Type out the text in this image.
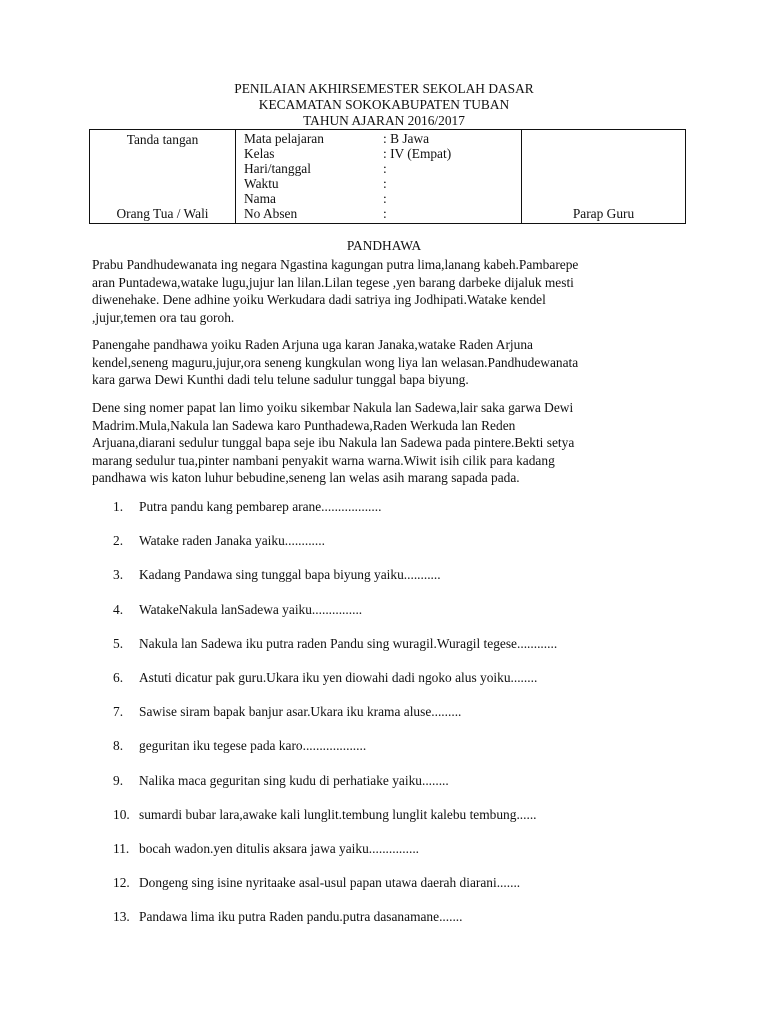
PENILAIAN AKHIRSEMESTER SEKOLAH DASAR
KECAMATAN SOKOKABUPATEN TUBAN
TAHUN AJARAN 2016/2017
Tanda tangan
Orang Tua / Wali

Mata pelajaran	: B Jawa
Kelas	: IV (Empat)
Hari/tanggal	:
Waktu	:
Nama	:
No Absen	:	Parap Guru
PANDHAWA
Prabu Pandhudewanata ing negara Ngastina kagungan putra lima,lanang kabeh.Pambarepe
aran Puntadewa,watake lugu,jujur lan lilan.Lilan tegese ,yen barang darbeke dijaluk mesti
diwenehake. Dene adhine yoiku Werkudara dadi satriya ing Jodhipati.Watake kendel
,jujur,temen ora tau goroh.
Panengahe pandhawa yoiku Raden Arjuna uga karan Janaka,watake Raden Arjuna
kendel,seneng maguru,jujur,ora seneng kungkulan wong liya lan welasan.Pandhudewanata
kara garwa Dewi Kunthi dadi telu telune sadulur tunggal bapa biyung.
Dene sing nomer papat lan limo yoiku sikembar Nakula lan Sadewa,lair saka garwa Dewi
Madrim.Mula,Nakula lan Sadewa karo Punthadewa,Raden Werkuda lan Reden
Arjuana,diarani sedulur tunggal bapa seje ibu Nakula lan Sadewa pada pintere.Bekti setya
marang sedulur tua,pinter nambani penyakit warna warna.Wiwit isih cilik para kadang
pandhawa wis katon luhur bebudine,seneng lan welas asih marang sapada pada.
1. Putra pandu kang pembarep arane..................
2. Watake raden Janaka yaiku............
3. Kadang Pandawa sing tunggal bapa biyung yaiku...........
4. WatakeNakula lanSadewa yaiku...............
5. Nakula lan Sadewa iku putra raden Pandu sing wuragil.Wuragil tegese............
6. Astuti dicatur pak guru.Ukara iku yen diowahi dadi ngoko alus yoiku........
7. Sawise siram bapak banjur asar.Ukara iku krama aluse.........
8. geguritan iku tegese pada karo...................
9. Nalika maca geguritan sing kudu di perhatiake yaiku........
10. sumardi bubar lara,awake kali lunglit.tembung lunglit kalebu tembung......
11. bocah wadon.yen ditulis aksara jawa yaiku...............
12. Dongeng sing isine nyritaake asal-usul papan utawa daerah diarani.......
13. Pandawa lima iku putra Raden pandu.putra dasanamane.......
